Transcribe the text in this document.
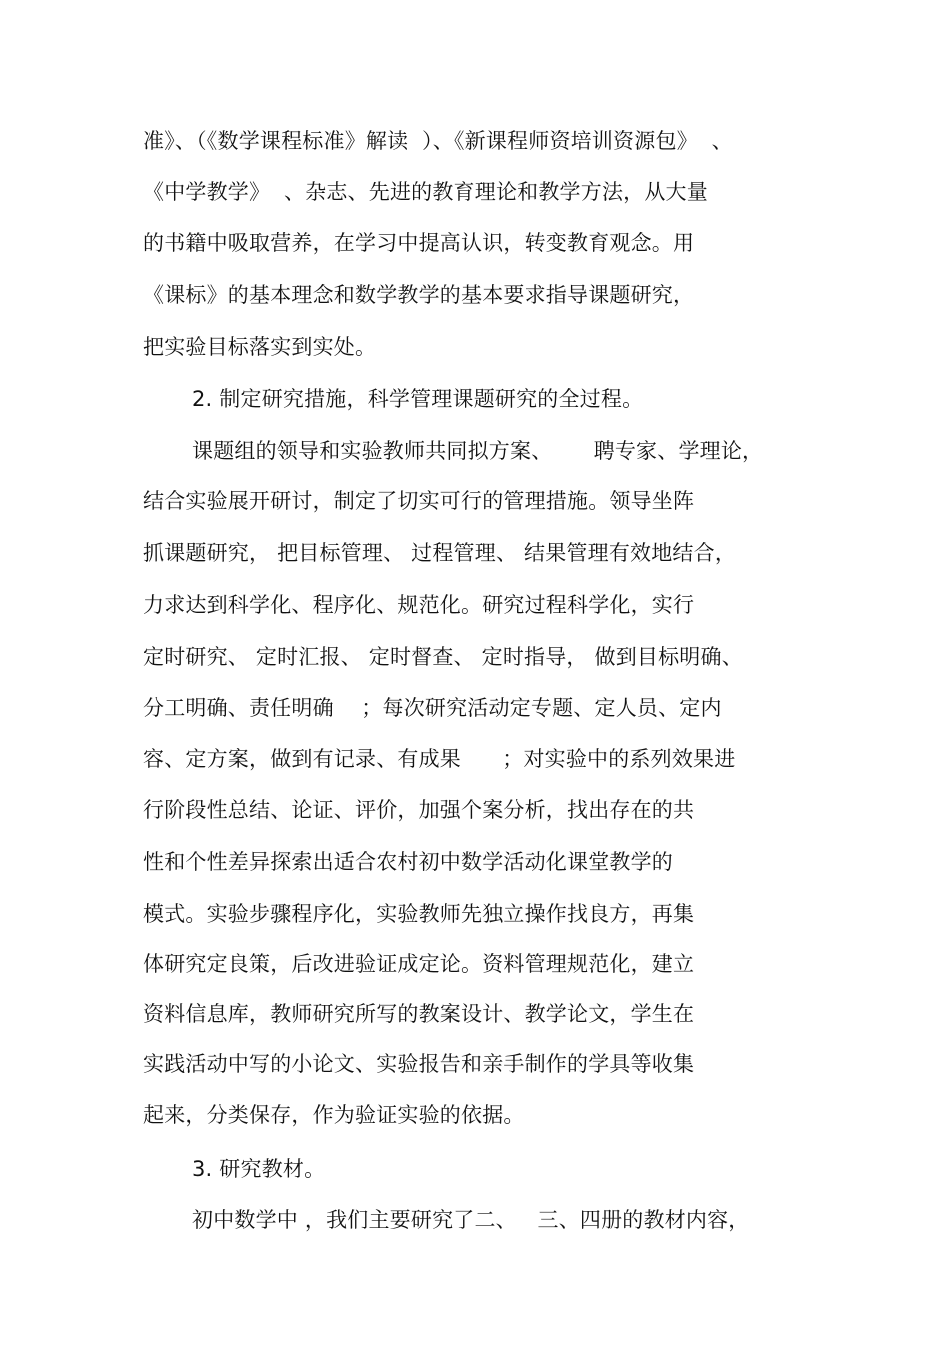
准》、（《数学课程标准》解读  ）、《新课程师资培训资源包》  、
《中学教学》  、杂志、先进的教育理论和教学方法，从大量
的书籍中吸取营养，在学习中提高认识，转变教育观念。用
《课标》的基本理念和数学教学的基本要求指导课题研究，
把实验目标落实到实处。
2. 制定研究措施，科学管理课题研究的全过程。
课题组的领导和实验教师共同拟方案、      聘专家、学理论，
结合实验展开研讨，制定了切实可行的管理措施。领导坐阵
抓课题研究， 把目标管理、 过程管理、 结果管理有效地结合，
力求达到科学化、程序化、规范化。研究过程科学化，实行
定时研究、 定时汇报、 定时督查、 定时指导， 做到目标明确、
分工明确、责任明确    ；每次研究活动定专题、定人员、定内
容、定方案，做到有记录、有成果      ；对实验中的系列效果进
行阶段性总结、论证、评价，加强个案分析，找出存在的共
性和个性差异探索出适合农村初中数学活动化课堂教学的
模式。实验步骤程序化，实验教师先独立操作找良方，再集
体研究定良策，后改进验证成定论。资料管理规范化，建立
资料信息库，教师研究所写的教案设计、教学论文，学生在
实践活动中写的小论文、实验报告和亲手制作的学具等收集
起来，分类保存，作为验证实验的依据。
3. 研究教材。
初中数学中 ，我们主要研究了二、   三、四册的教材内容，
